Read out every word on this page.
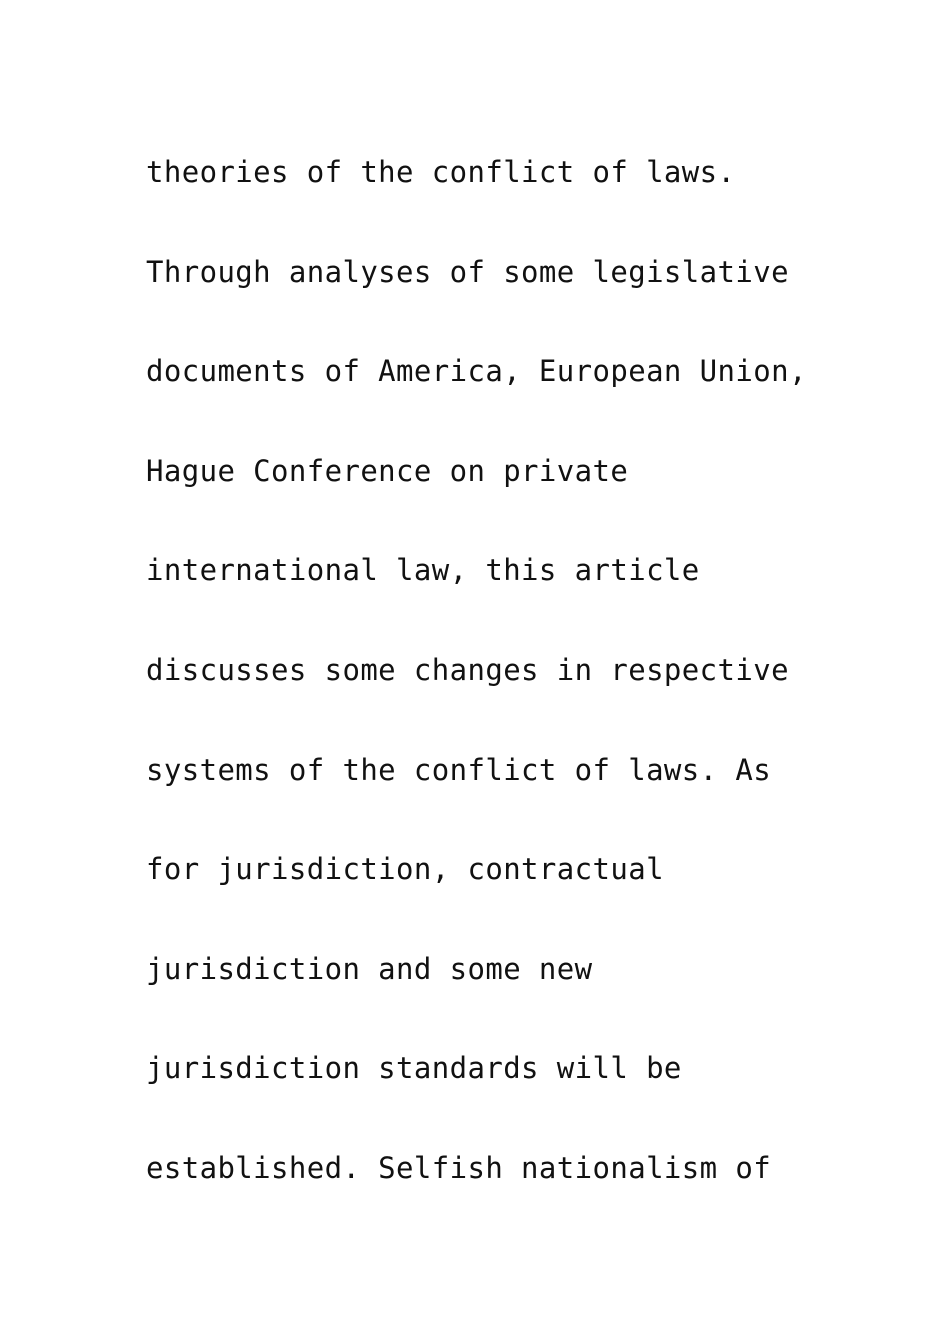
theories of the conflict of laws.
Through analyses of some legislative
documents of America, European Union,
Hague Conference on private
international law, this article
discusses some changes in respective
systems of the conflict of laws. As
for jurisdiction, contractual
jurisdiction and some new
jurisdiction standards will be
established. Selfish nationalism of
